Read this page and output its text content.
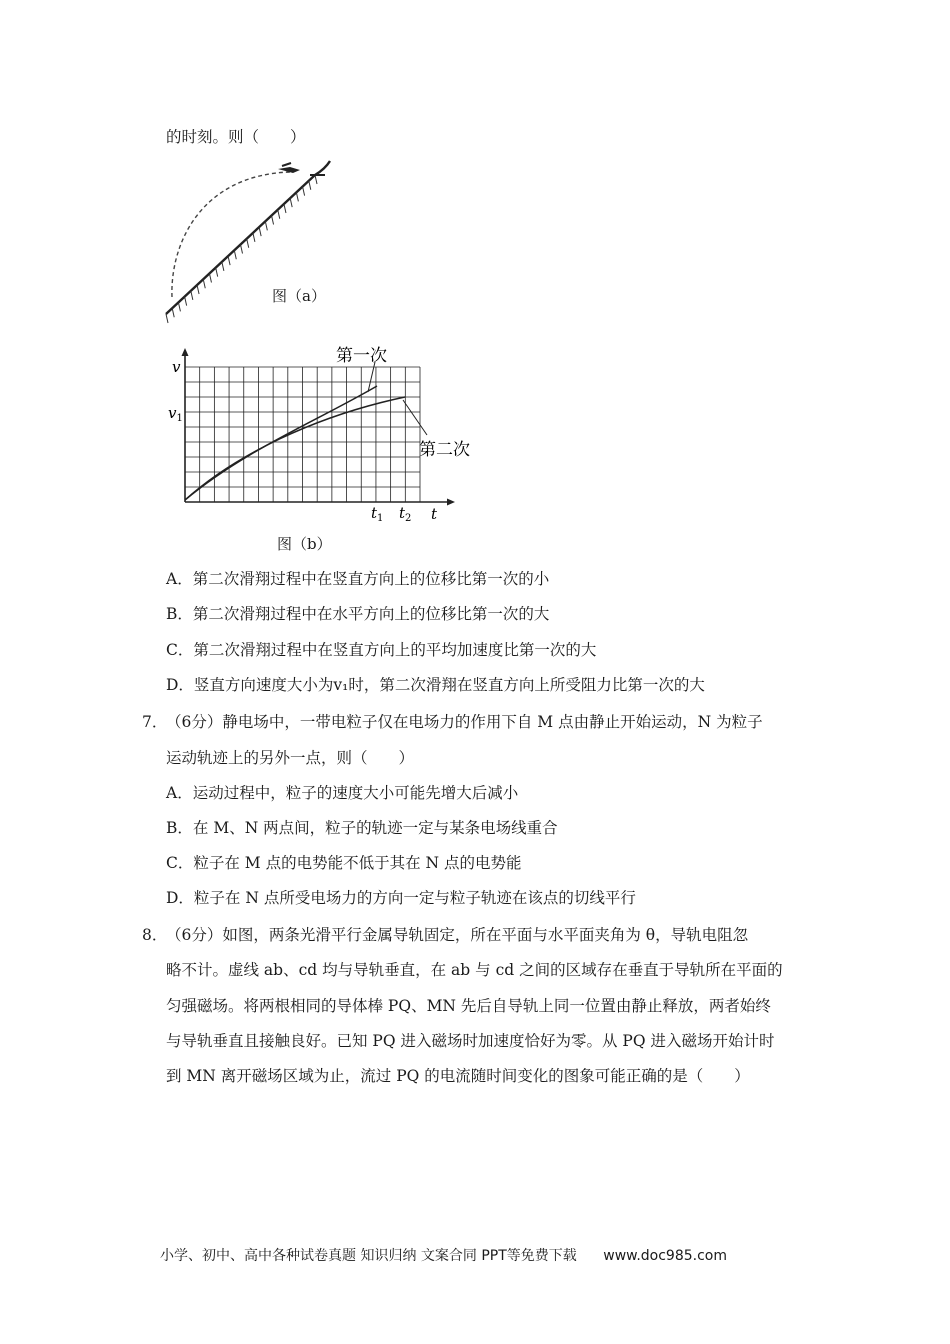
的时刻。则（　　）
图（a）
第一次
第二次
v
$v_1$
$t_1$ $t_2$ t
图（b）
A．第二次滑翔过程中在竖直方向上的位移比第一次的小
B．第二次滑翔过程中在水平方向上的位移比第一次的大
C．第二次滑翔过程中在竖直方向上的平均加速度比第一次的大
D．竖直方向速度大小为v₁时，第二次滑翔在竖直方向上所受阻力比第一次的大
7．
（6分）静电场中，一带电粒子仅在电场力的作用下自 M 点由静止开始运动，N 为粒子
运动轨迹上的另外一点，则（　　）
A．运动过程中，粒子的速度大小可能先增大后减小
B．在 M、N 两点间，粒子的轨迹一定与某条电场线重合
C．粒子在 M 点的电势能不低于其在 N 点的电势能
D．粒子在 N 点所受电场力的方向一定与粒子轨迹在该点的切线平行
8．
（6分）如图，两条光滑平行金属导轨固定，所在平面与水平面夹角为 θ，导轨电阻忽
略不计。虚线 ab、cd 均与导轨垂直，在 ab 与 cd 之间的区域存在垂直于导轨所在平面的
匀强磁场。将两根相同的导体棒 PQ、MN 先后自导轨上同一位置由静止释放，两者始终
与导轨垂直且接触良好。已知 PQ 进入磁场时加速度恰好为零。从 PQ 进入磁场开始计时
到 MN 离开磁场区域为止，流过 PQ 的电流随时间变化的图象可能正确的是（　　）
小学、初中、高中各种试卷真题 知识归纳 文案合同 PPT等免费下载 www.doc985.com
